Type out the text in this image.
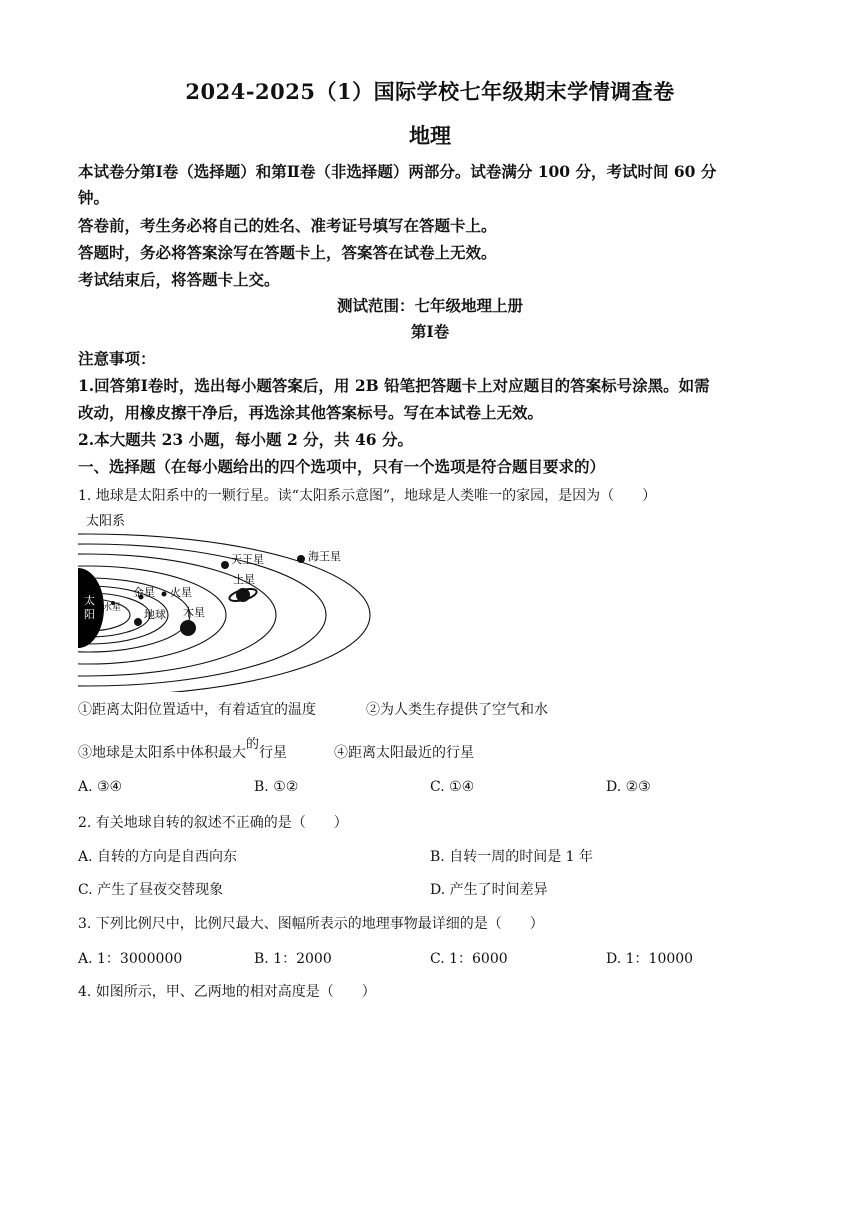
2024-2025（1）国际学校七年级期末学情调查卷
地理
本试卷分第Ⅰ卷（选择题）和第Ⅱ卷（非选择题）两部分。试卷满分 100 分，考试时间 60 分
钟。
答卷前，考生务必将自己的姓名、准考证号填写在答题卡上。
答题时，务必将答案涂写在答题卡上，答案答在试卷上无效。
考试结束后，将答题卡上交。
测试范围：七年级地理上册
第Ⅰ卷
注意事项：
1.回答第Ⅰ卷时，选出每小题答案后，用 2B 铅笔把答题卡上对应题目的答案标号涂黑。如需
改动，用橡皮擦干净后，再选涂其他答案标号。写在本试卷上无效。
2.本大题共 23 小题，每小题 2 分，共 46 分。
一、选择题（在每小题给出的四个选项中，只有一个选项是符合题目要求的）
1. 地球是太阳系中的一颗行星。读“太阳系示意图”，地球是人类唯一的家园，是因为（　　）
太阳系
太
阳 水星
金星
地球
火星
木星
土星
天王星	海王星
①距离太阳位置适中，有着适宜的温度	②为人类生存提供了空气和水
③地球是太阳系中体积最大的行星	④距离太阳最近的行星
A. ③④	B. ①②	C. ①④	D. ②③
2. 有关地球自转的叙述不正确的是（　　）
A. 自转的方向是自西向东	B. 自转一周的时间是 1 年
C. 产生了昼夜交替现象	D. 产生了时间差异
3. 下列比例尺中，比例尺最大、图幅所表示的地理事物最详细的是（　　）
A. 1：3000000	B. 1：2000	C. 1：6000	D. 1：10000
4. 如图所示，甲、乙两地的相对高度是（　　）
